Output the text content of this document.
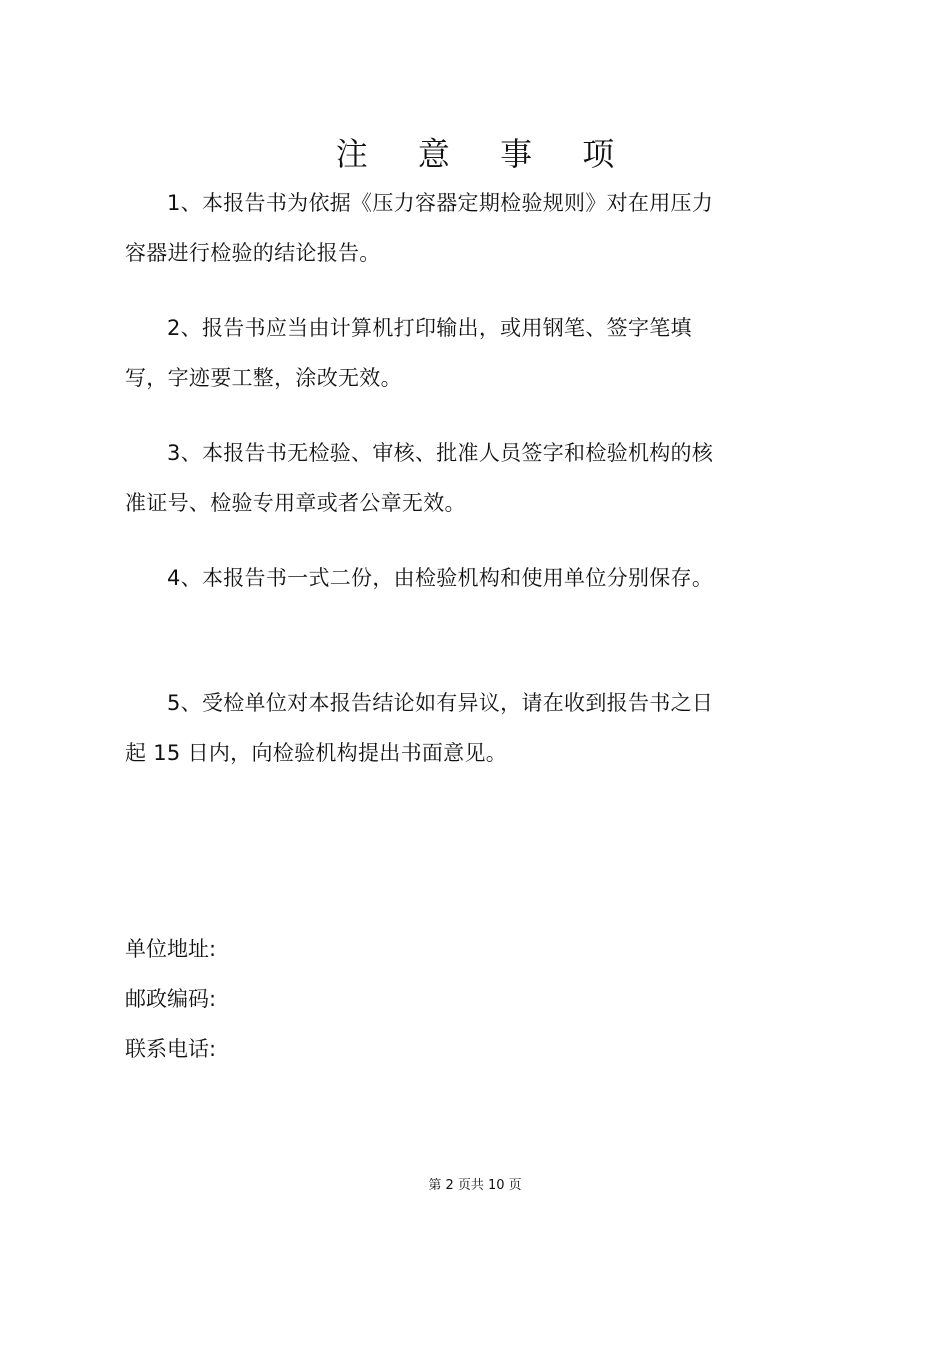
注 意 事 项

1、本报告书为依据《压力容器定期检验规则》对在用压力容器进行检验的结论报告。

2、报告书应当由计算机打印输出，或用钢笔、签字笔填写，字迹要工整，涂改无效。

3、本报告书无检验、审核、批准人员签字和检验机构的核准证号、检验专用章或者公章无效。

4、本报告书一式二份，由检验机构和使用单位分别保存。

5、受检单位对本报告结论如有异议，请在收到报告书之日起 15 日内，向检验机构提出书面意见。

单位地址:

邮政编码:

联系电话:

第 2 页共 10 页
